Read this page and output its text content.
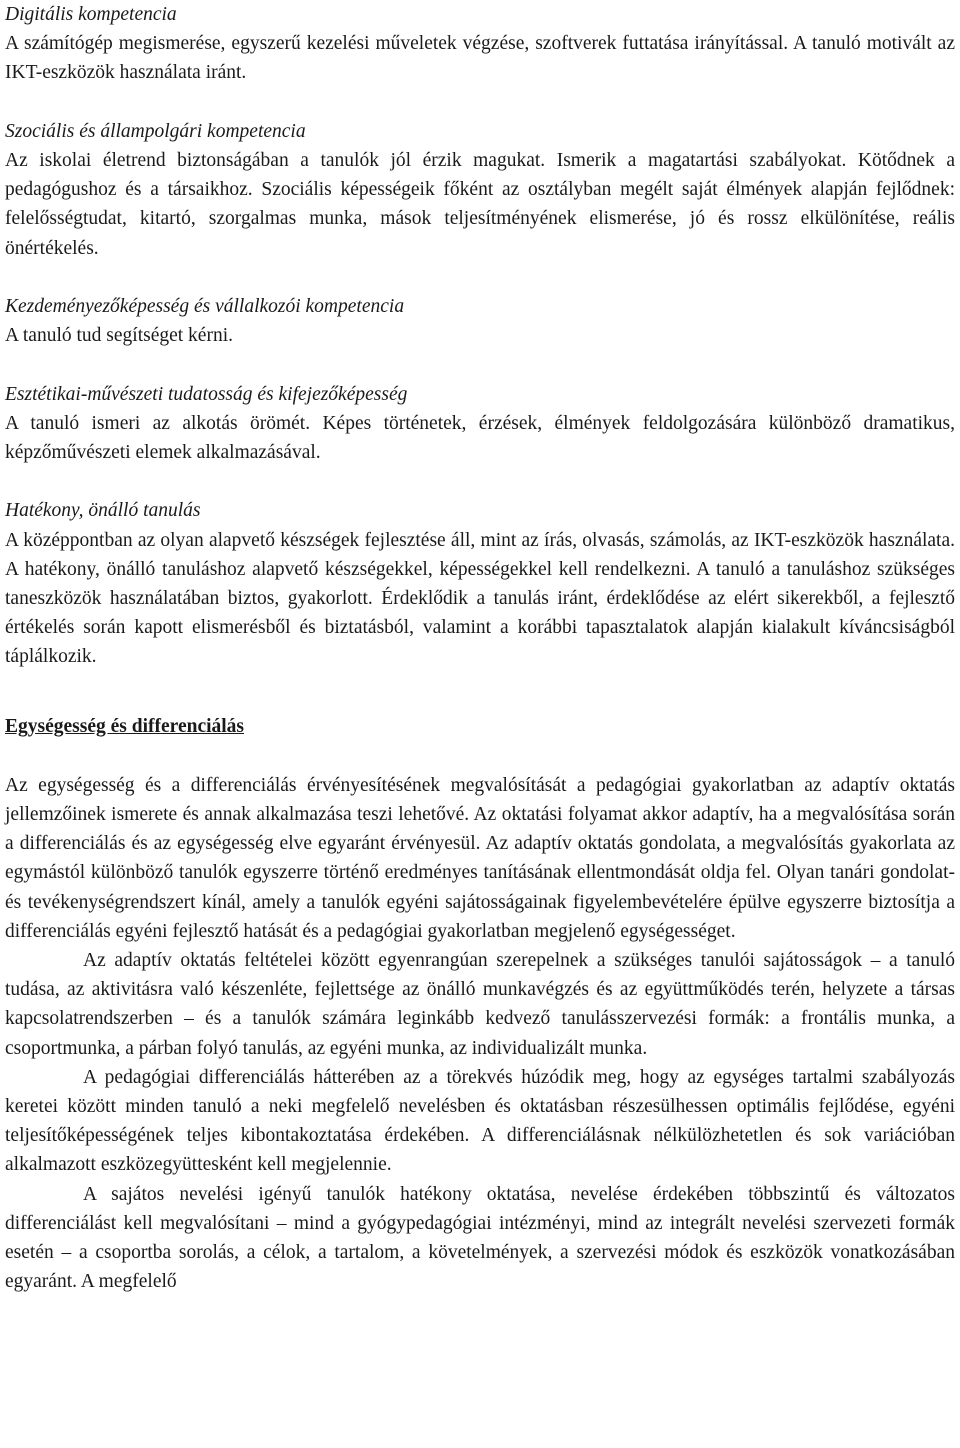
Digitális kompetencia

A számítógép megismerése, egyszerű kezelési műveletek végzése, szoftverek futtatása irányítással. A tanuló motivált az IKT-eszközök használata iránt.

Szociális és állampolgári kompetencia

Az iskolai életrend biztonságában a tanulók jól érzik magukat. Ismerik a magatartási szabályokat. Kötődnek a pedagógushoz és a társaikhoz. Szociális képességeik főként az osztályban megélt saját élmények alapján fejlődnek: felelősségtudat, kitartó, szorgalmas munka, mások teljesítményének elismerése, jó és rossz elkülönítése, reális önértékelés.

Kezdeményezőképesség és vállalkozói kompetencia

A tanuló tud segítséget kérni.

Esztétikai-művészeti tudatosság és kifejezőképesség

A tanuló ismeri az alkotás örömét. Képes történetek, érzések, élmények feldolgozására különböző dramatikus, képzőművészeti elemek alkalmazásával.

Hatékony, önálló tanulás

A középpontban az olyan alapvető készségek fejlesztése áll, mint az írás, olvasás, számolás, az IKT-eszközök használata. A hatékony, önálló tanuláshoz alapvető készségekkel, képességekkel kell rendelkezni. A tanuló a tanuláshoz szükséges taneszközök használatában biztos, gyakorlott. Érdeklődik a tanulás iránt, érdeklődése az elért sikerekből, a fejlesztő értékelés során kapott elismerésből és biztatásból, valamint a korábbi tapasztalatok alapján kialakult kíváncsiságból táplálkozik.

Egységesség és differenciálás

Az egységesség és a differenciálás érvényesítésének megvalósítását a pedagógiai gyakorlatban az adaptív oktatás jellemzőinek ismerete és annak alkalmazása teszi lehetővé. Az oktatási folyamat akkor adaptív, ha a megvalósítása során a differenciálás és az egységesség elve egyaránt érvényesül. Az adaptív oktatás gondolata, a megvalósítás gyakorlata az egymástól különböző tanulók egyszerre történő eredményes tanításának ellentmondását oldja fel. Olyan tanári gondolat- és tevékenységrendszert kínál, amely a tanulók egyéni sajátosságainak figyelembevételére épülve egyszerre biztosítja a differenciálás egyéni fejlesztő hatását és a pedagógiai gyakorlatban megjelenő egységességet.

Az adaptív oktatás feltételei között egyenrangúan szerepelnek a szükséges tanulói sajátosságok – a tanuló tudása, az aktivitásra való készenléte, fejlettsége az önálló munkavégzés és az együttműködés terén, helyzete a társas kapcsolatrendszerben – és a tanulók számára leginkább kedvező tanulásszervezési formák: a frontális munka, a csoportmunka, a párban folyó tanulás, az egyéni munka, az individualizált munka.

A pedagógiai differenciálás hátterében az a törekvés húzódik meg, hogy az egységes tartalmi szabályozás keretei között minden tanuló a neki megfelelő nevelésben és oktatásban részesülhessen optimális fejlődése, egyéni teljesítőképességének teljes kibontakoztatása érdekében. A differenciálásnak nélkülözhetetlen és sok variációban alkalmazott eszközegyüttesként kell megjelennie.

A sajátos nevelési igényű tanulók hatékony oktatása, nevelése érdekében többszintű és változatos differenciálást kell megvalósítani – mind a gyógypedagógiai intézményi, mind az integrált nevelési szervezeti formák esetén – a csoportba sorolás, a célok, a tartalom, a követelmények, a szervezési módok és eszközök vonatkozásában egyaránt. A megfelelő
